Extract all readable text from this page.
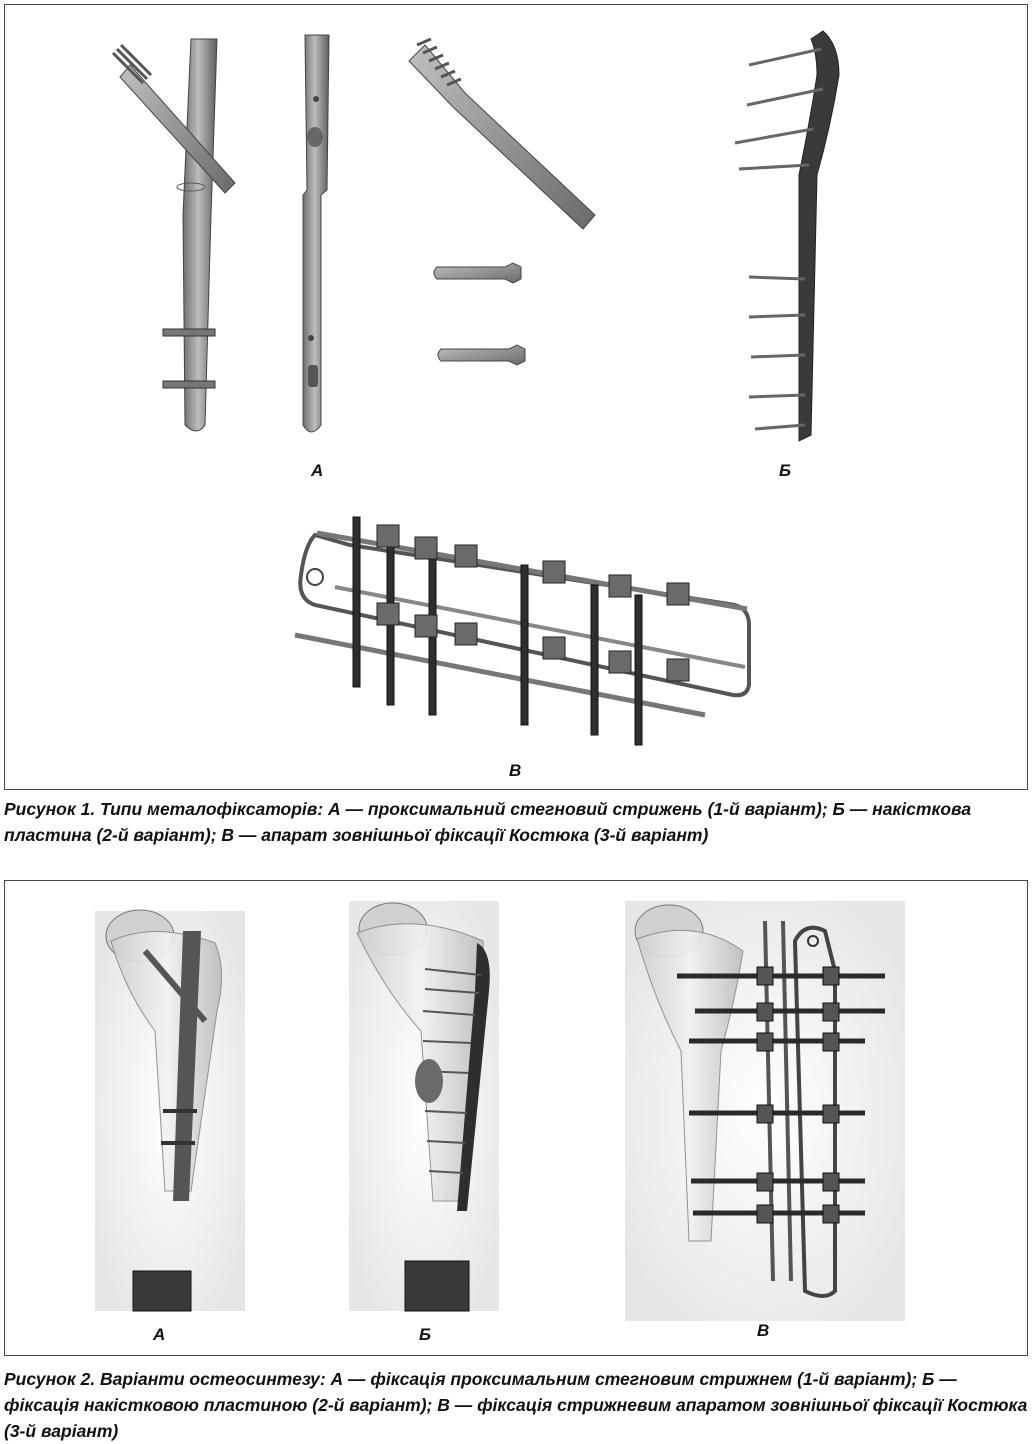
А	Б
В

Рисунок 1. Типи металофіксаторів: А — проксимальний стегновий стрижень (1-й варіант); Б — накісткова пластина (2-й варіант); В — апарат зовнішньої фіксації Костюка (3-й варіант)

А	Б	В

Рисунок 2. Варіанти остеосинтезу: А — фіксація проксимальним стегновим стрижнем (1-й варіант); Б — фіксація накістковою пластиною (2-й варіант); В — фіксація стрижневим апаратом зовнішньої фіксації Костюка (3-й варіант)
